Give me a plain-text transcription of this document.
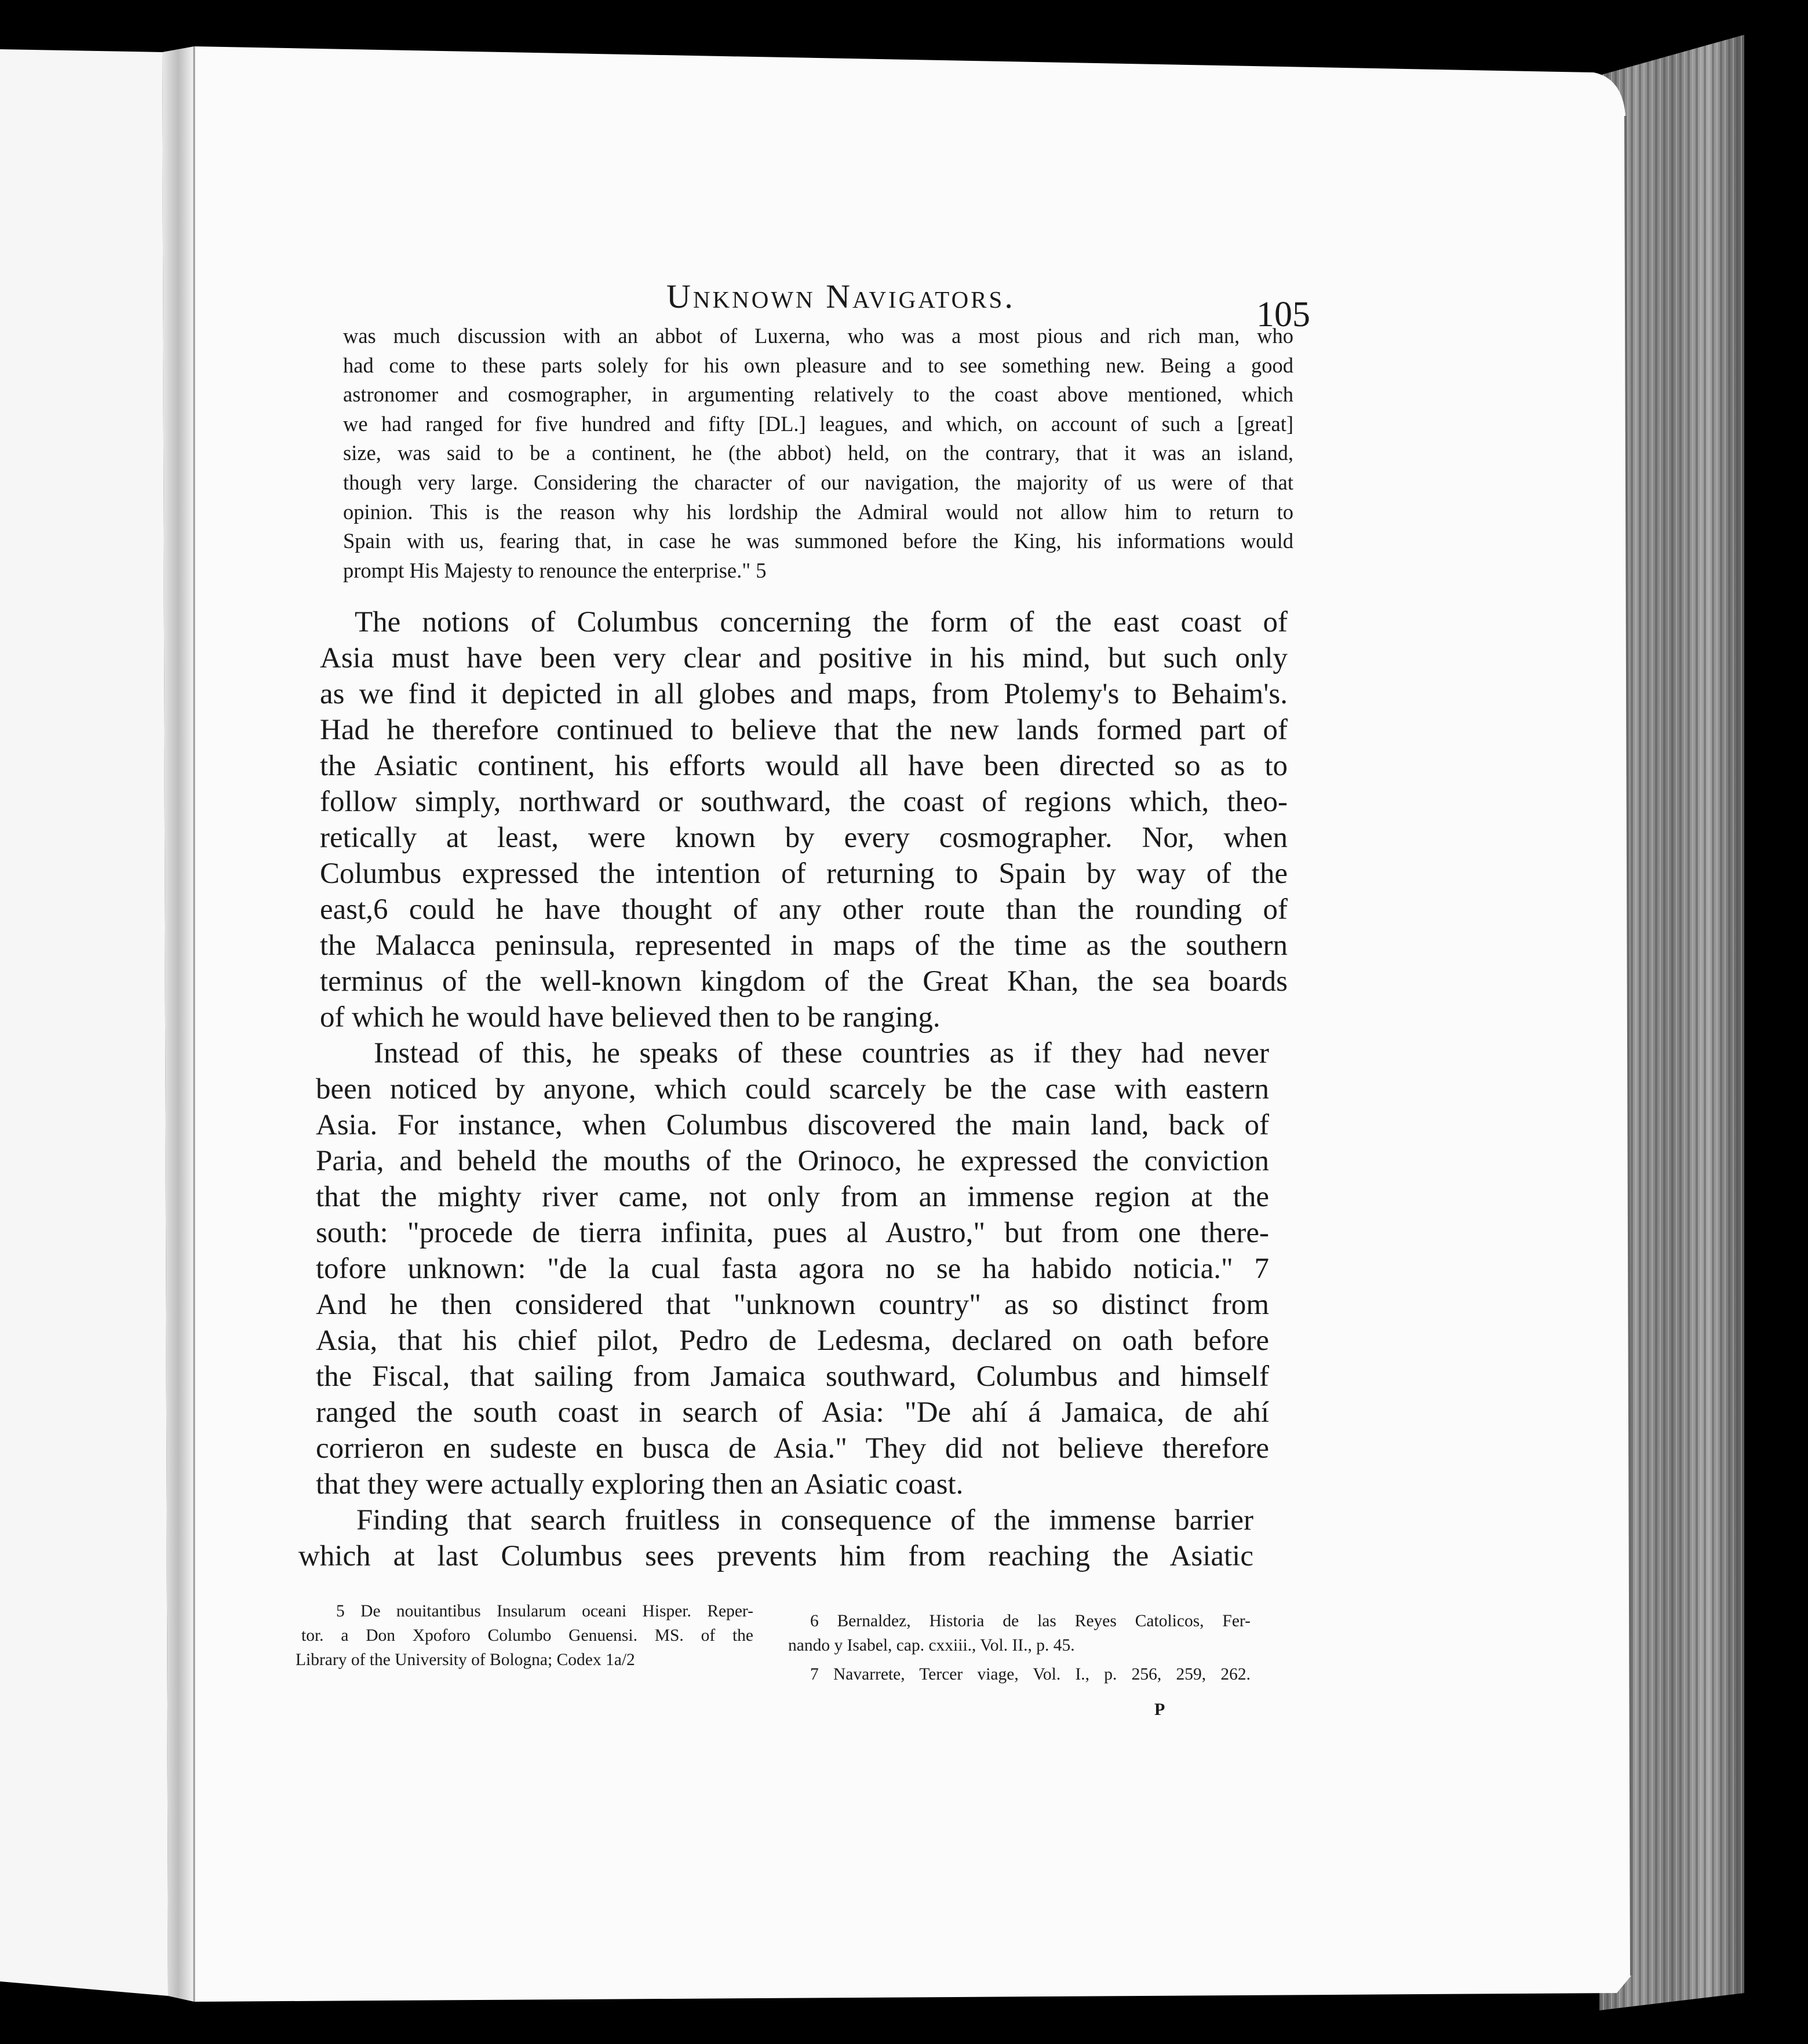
Unknown Navigators.	105
was much discussion with an abbot of Luxerna, who was a most pious and rich man, who
had come to these parts solely for his own pleasure and to see something new. Being a good
astronomer and cosmographer, in argumenting relatively to the coast above mentioned, which
we had ranged for five hundred and fifty [DL.] leagues, and which, on account of such a [great]
size, was said to be a continent, he (the abbot) held, on the contrary, that it was an island,
though very large. Considering the character of our navigation, the majority of us were of that
opinion. This is the reason why his lordship the Admiral would not allow him to return to
Spain with us, fearing that, in case he was summoned before the King, his informations would
prompt His Majesty to renounce the enterprise." 5
The notions of Columbus concerning the form of the east coast of
Asia must have been very clear and positive in his mind, but such only
as we find it depicted in all globes and maps, from Ptolemy's to Behaim's.
Had he therefore continued to believe that the new lands formed part of
the Asiatic continent, his efforts would all have been directed so as to
follow simply, northward or southward, the coast of regions which, theo-
retically at least, were known by every cosmographer. Nor, when
Columbus expressed the intention of returning to Spain by way of the
east,6 could he have thought of any other route than the rounding of
the Malacca peninsula, represented in maps of the time as the southern
terminus of the well-known kingdom of the Great Khan, the sea boards
of which he would have believed then to be ranging.
Instead of this, he speaks of these countries as if they had never
been noticed by anyone, which could scarcely be the case with eastern
Asia. For instance, when Columbus discovered the main land, back of
Paria, and beheld the mouths of the Orinoco, he expressed the conviction
that the mighty river came, not only from an immense region at the
south: "procede de tierra infinita, pues al Austro," but from one there-
tofore unknown: "de la cual fasta agora no se ha habido noticia." 7
And he then considered that "unknown country" as so distinct from
Asia, that his chief pilot, Pedro de Ledesma, declared on oath before
the Fiscal, that sailing from Jamaica southward, Columbus and himself
ranged the south coast in search of Asia: "De ahí á Jamaica, de ahí
corrieron en sudeste en busca de Asia." They did not believe therefore
that they were actually exploring then an Asiatic coast.
Finding that search fruitless in consequence of the immense barrier
which at last Columbus sees prevents him from reaching the Asiatic
5 De nouitantibus Insularum oceani Hisper. Reper-
tor. a Don Xpoforo Columbo Genuensi. MS. of the
Library of the University of Bologna; Codex 1a/2
6 Bernaldez, Historia de las Reyes Catolicos, Fer-
nando y Isabel, cap. cxxiii., Vol. II., p. 45.
7 Navarrete, Tercer viage, Vol. I., p. 256, 259, 262.
P
